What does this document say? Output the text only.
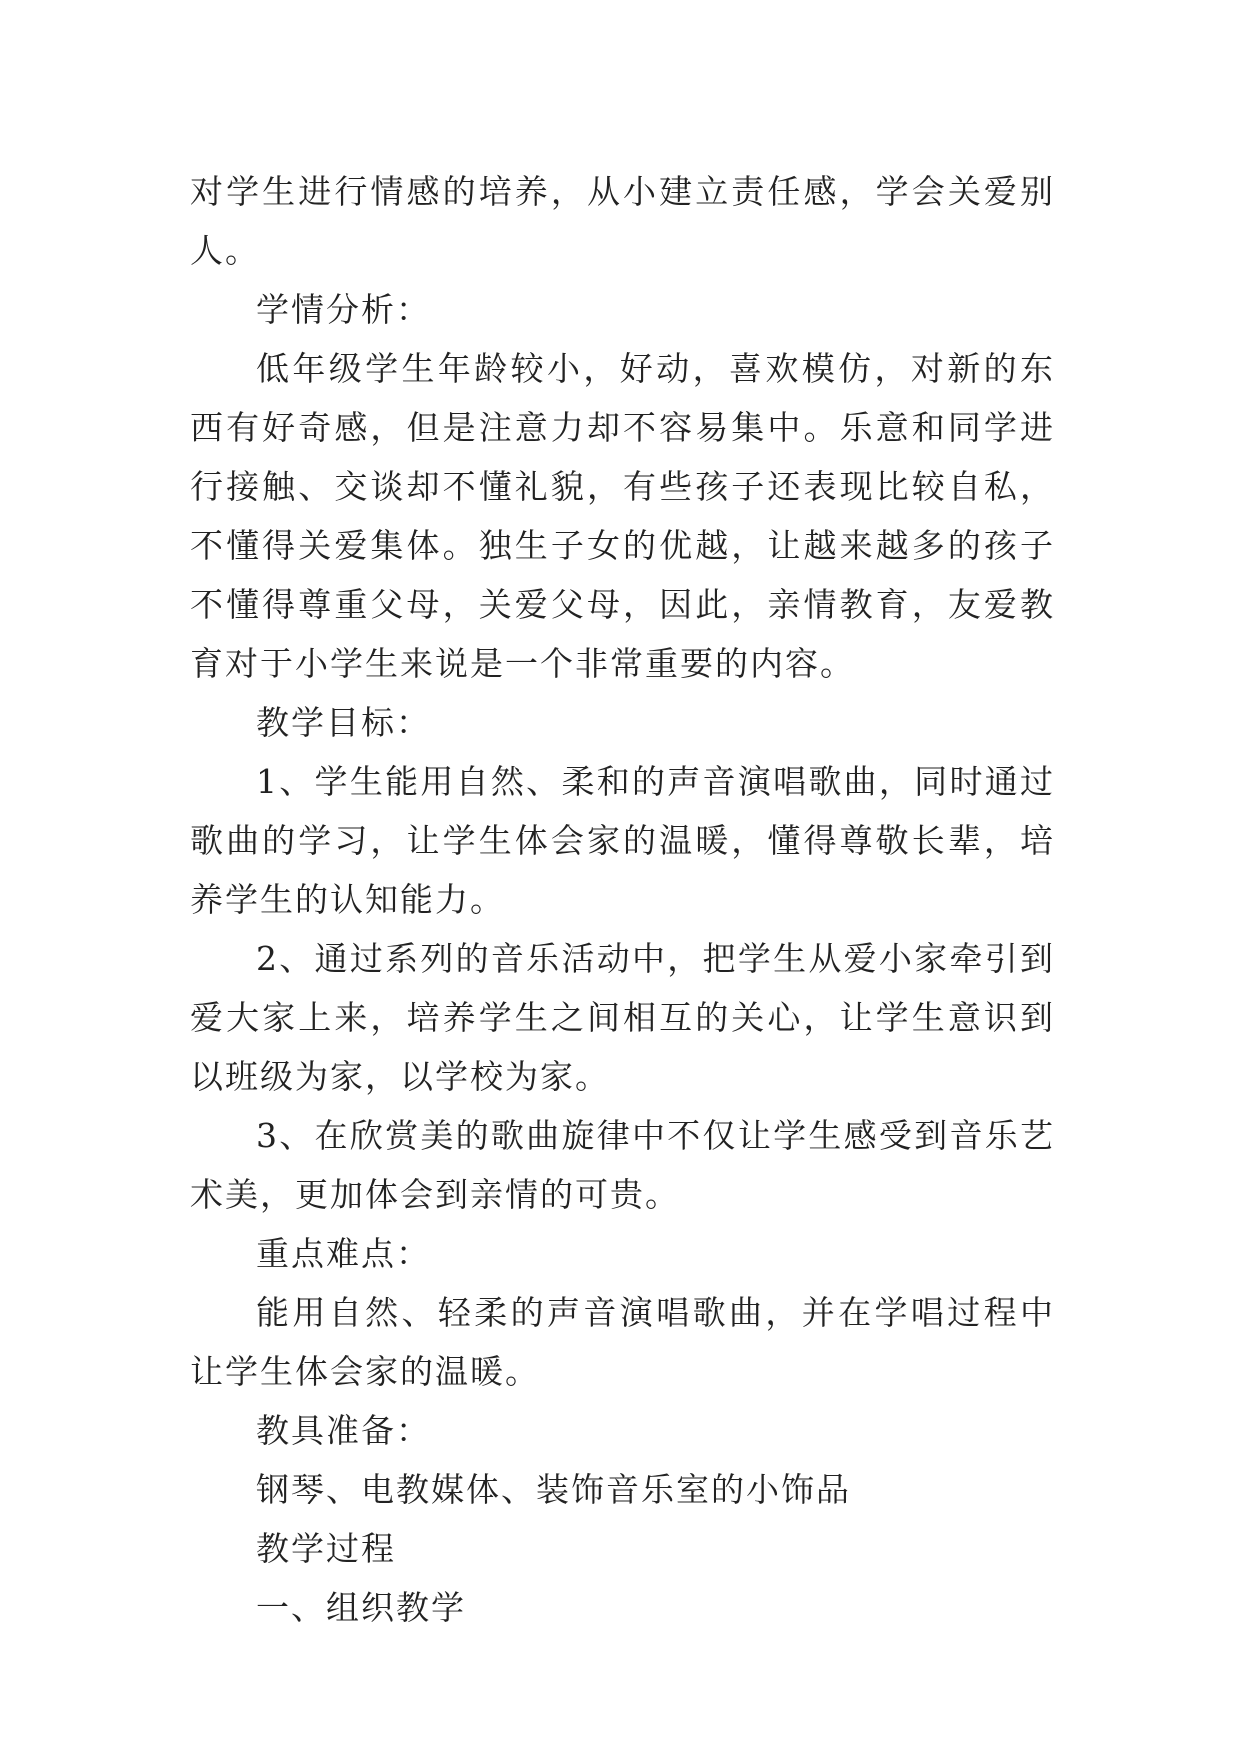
对学生进行情感的培养，从小建立责任感，学会关爱别人。

学情分析：

低年级学生年龄较小，好动，喜欢模仿，对新的东西有好奇感，但是注意力却不容易集中。乐意和同学进行接触、交谈却不懂礼貌，有些孩子还表现比较自私，不懂得关爱集体。独生子女的优越，让越来越多的孩子不懂得尊重父母，关爱父母，因此，亲情教育，友爱教育对于小学生来说是一个非常重要的内容。

教学目标：

1、学生能用自然、柔和的声音演唱歌曲，同时通过歌曲的学习，让学生体会家的温暖，懂得尊敬长辈，培养学生的认知能力。

2、通过系列的音乐活动中，把学生从爱小家牵引到爱大家上来，培养学生之间相互的关心，让学生意识到以班级为家，以学校为家。

3、在欣赏美的歌曲旋律中不仅让学生感受到音乐艺术美，更加体会到亲情的可贵。

重点难点：

能用自然、轻柔的声音演唱歌曲，并在学唱过程中让学生体会家的温暖。

教具准备：

钢琴、电教媒体、装饰音乐室的小饰品

教学过程

一、组织教学
